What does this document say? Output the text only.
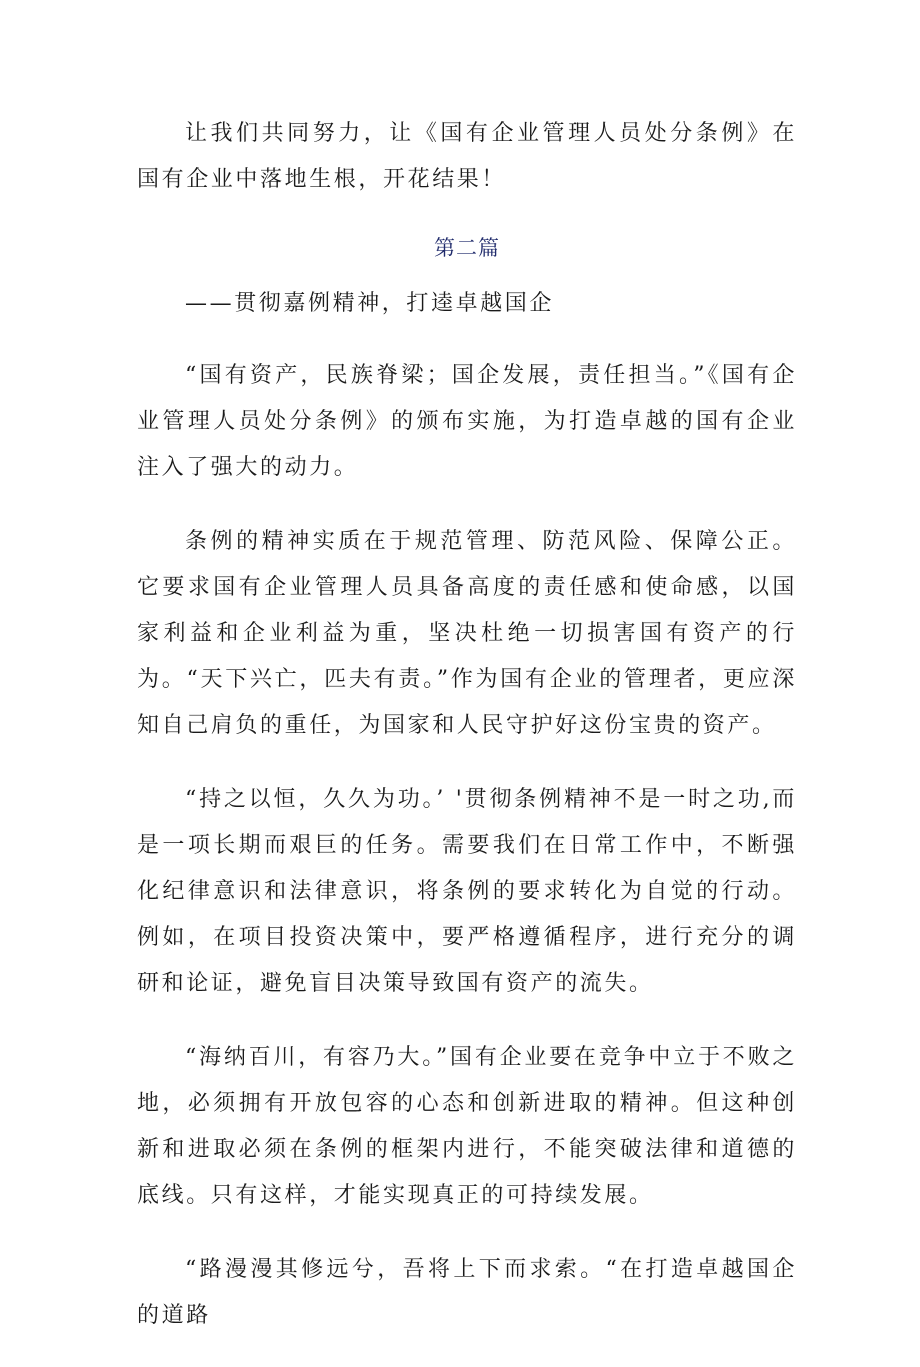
让我们共同努力，让《国有企业管理人员处分条例》在国有企业中落地生根，开花结果！

第二篇
——贯彻嘉例精神，打逵卓越国企

“国有资产，民族脊梁；国企发展，责任担当。”《国有企业管理人员处分条例》的颁布实施，为打造卓越的国有企业注入了强大的动力。

条例的精神实质在于规范管理、防范风险、保障公正。它要求国有企业管理人员具备高度的责任感和使命感，以国家利益和企业利益为重，坚决杜绝一切损害国有资产的行为。“天下兴亡，匹夫有责。”作为国有企业的管理者，更应深知自己肩负的重任，为国家和人民守护好这份宝贵的资产。

“持之以恒，久久为功。’ '贯彻条例精神不是一时之功,而是一项长期而艰巨的任务。需要我们在日常工作中，不断强化纪律意识和法律意识，将条例的要求转化为自觉的行动。例如，在项目投资决策中，要严格遵循程序，进行充分的调研和论证，避免盲目决策导致国有资产的流失。

“海纳百川，有容乃大。”国有企业要在竞争中立于不败之地，必须拥有开放包容的心态和创新进取的精神。但这种创新和进取必须在条例的框架内进行，不能突破法律和道德的底线。只有这样，才能实现真正的可持续发展。

“路漫漫其修远兮，吾将上下而求索。“在打造卓越国企的道路
